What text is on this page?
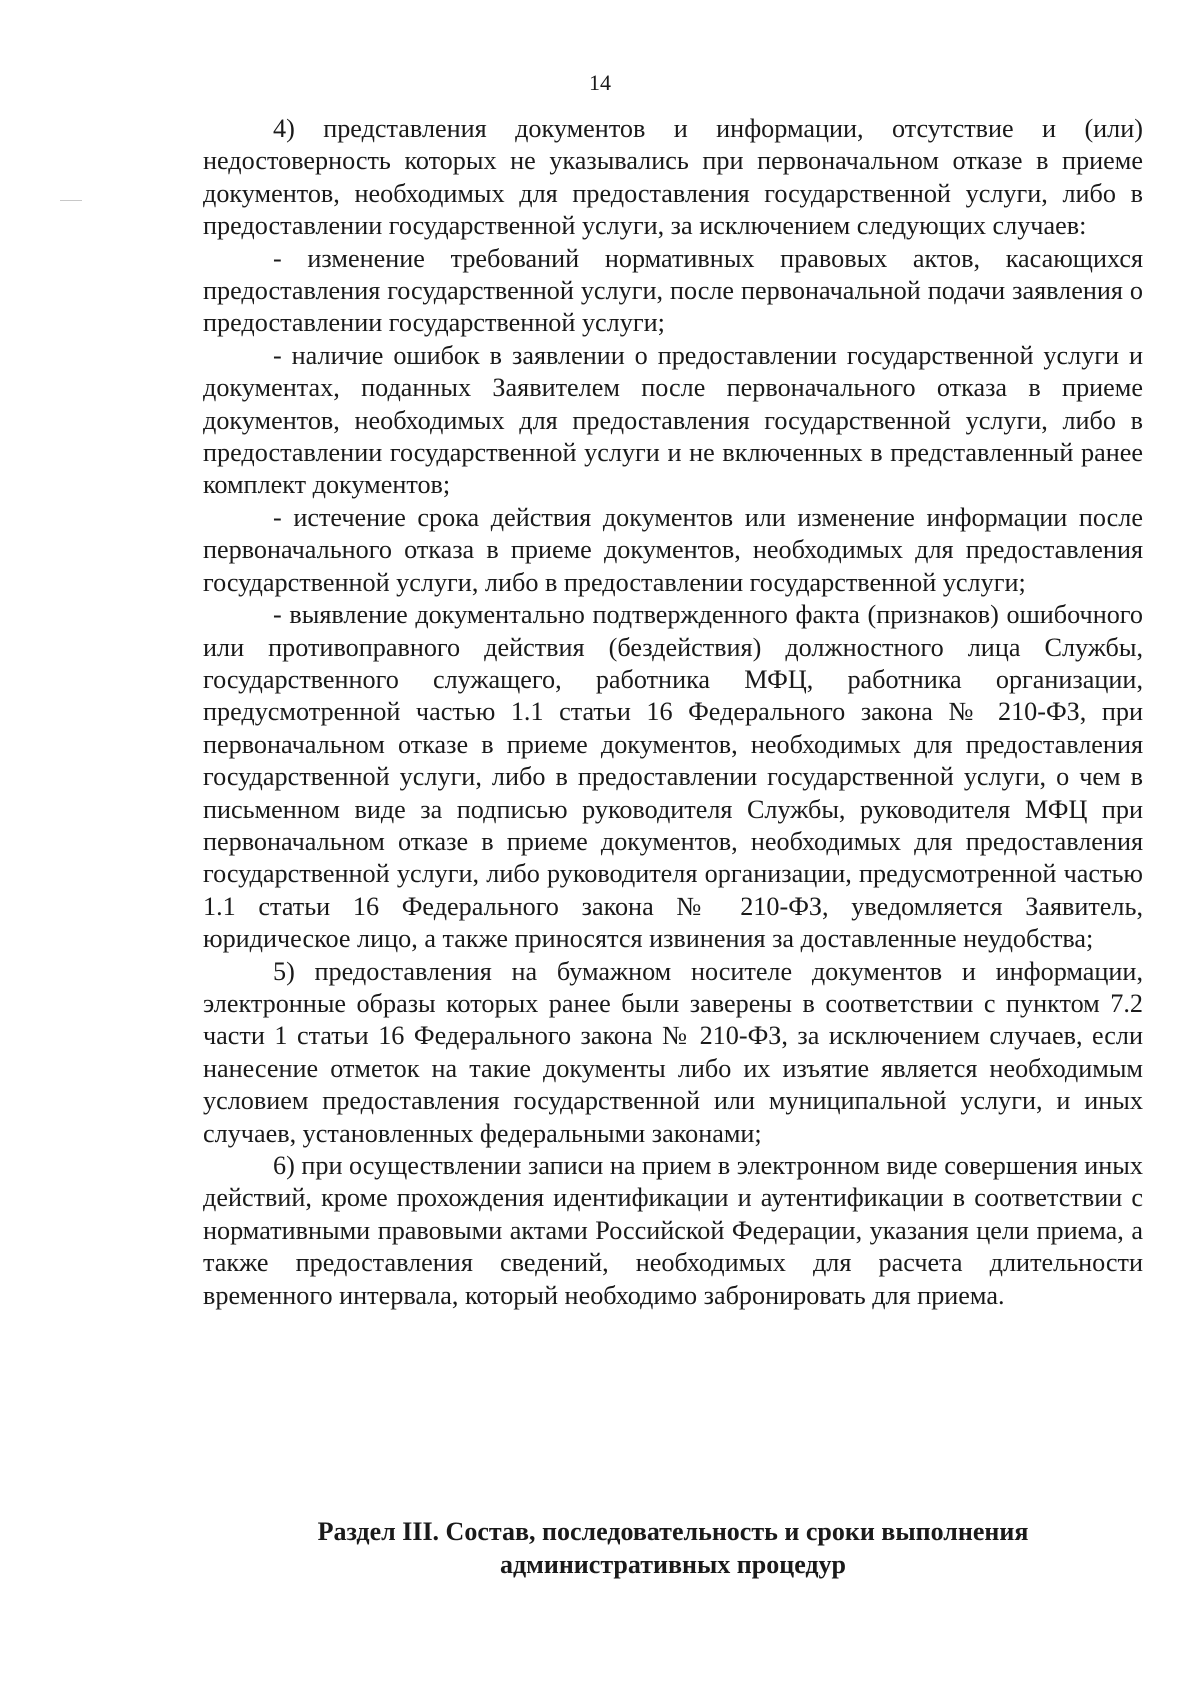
14

4) представления документов и информации, отсутствие и (или) недостоверность которых не указывались при первоначальном отказе в приеме документов, необходимых для предоставления государственной услуги, либо в предоставлении государственной услуги, за исключением следующих случаев:

- изменение требований нормативных правовых актов, касающихся предоставления государственной услуги, после первоначальной подачи заявления о предоставлении государственной услуги;

- наличие ошибок в заявлении о предоставлении государственной услуги и документах, поданных Заявителем после первоначального отказа в приеме документов, необходимых для предоставления государственной услуги, либо в предоставлении государственной услуги и не включенных в представленный ранее комплект документов;

- истечение срока действия документов или изменение информации после первоначального отказа в приеме документов, необходимых для предоставления государственной услуги, либо в предоставлении государственной услуги;

- выявление документально подтвержденного факта (признаков) ошибочного или противоправного действия (бездействия) должностного лица Службы, государственного служащего, работника МФЦ, работника организации, предусмотренной частью 1.1 статьи 16 Федерального закона № 210-ФЗ, при первоначальном отказе в приеме документов, необходимых для предоставления государственной услуги, либо в предоставлении государственной услуги, о чем в письменном виде за подписью руководителя Службы, руководителя МФЦ при первоначальном отказе в приеме документов, необходимых для предоставления государственной услуги, либо руководителя организации, предусмотренной частью 1.1 статьи 16 Федерального закона № 210-ФЗ, уведомляется Заявитель, юридическое лицо, а также приносятся извинения за доставленные неудобства;

5) предоставления на бумажном носителе документов и информации, электронные образы которых ранее были заверены в соответствии с пунктом 7.2 части 1 статьи 16 Федерального закона № 210-ФЗ, за исключением случаев, если нанесение отметок на такие документы либо их изъятие является необходимым условием предоставления государственной или муниципальной услуги, и иных случаев, установленных федеральными законами;

6) при осуществлении записи на прием в электронном виде совершения иных действий, кроме прохождения идентификации и аутентификации в соответствии с нормативными правовыми актами Российской Федерации, указания цели приема, а также предоставления сведений, необходимых для расчета длительности временного интервала, который необходимо забронировать для приема.

Раздел III. Состав, последовательность и сроки выполнения
административных процедур
